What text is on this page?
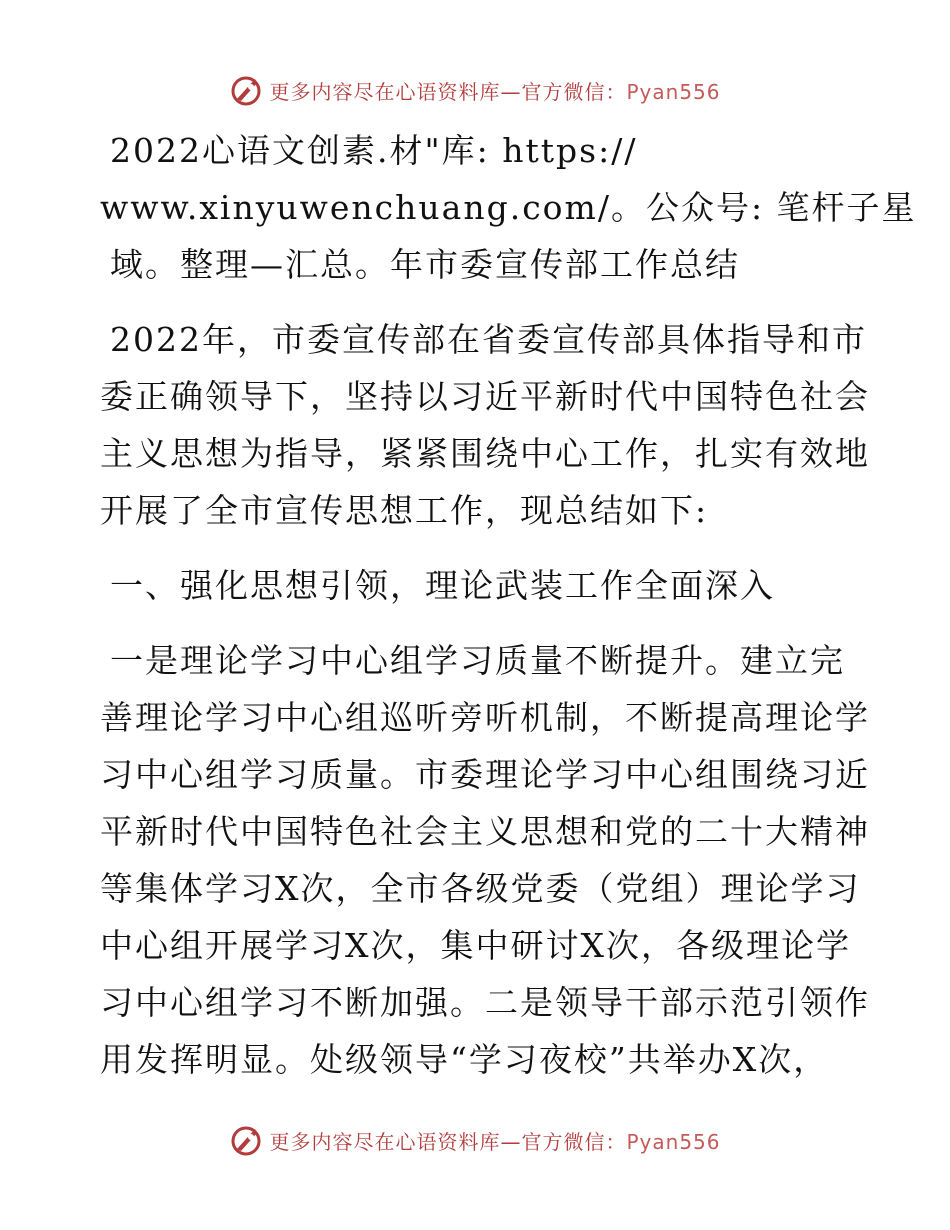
更多内容尽在心语资料库—官方微信：Pyan556
2022心语文创素.材"库: https://
www.xinyuwenchuang.com/。公众号: 笔杆子星
域。整理—汇总。年市委宣传部工作总结
2022年，市委宣传部在省委宣传部具体指导和市
委正确领导下，坚持以习近平新时代中国特色社会
主义思想为指导，紧紧围绕中心工作，扎实有效地
开展了全市宣传思想工作，现总结如下:
一、强化思想引领，理论武装工作全面深入
一是理论学习中心组学习质量不断提升。建立完
善理论学习中心组巡听旁听机制，不断提高理论学
习中心组学习质量。市委理论学习中心组围绕习近
平新时代中国特色社会主义思想和党的二十大精神
等集体学习X次，全市各级党委（党组）理论学习
中心组开展学习X次，集中研讨X次，各级理论学
习中心组学习不断加强。二是领导干部示范引领作
用发挥明显。处级领导“学习夜校”共举办X次，
更多内容尽在心语资料库—官方微信：Pyan556
